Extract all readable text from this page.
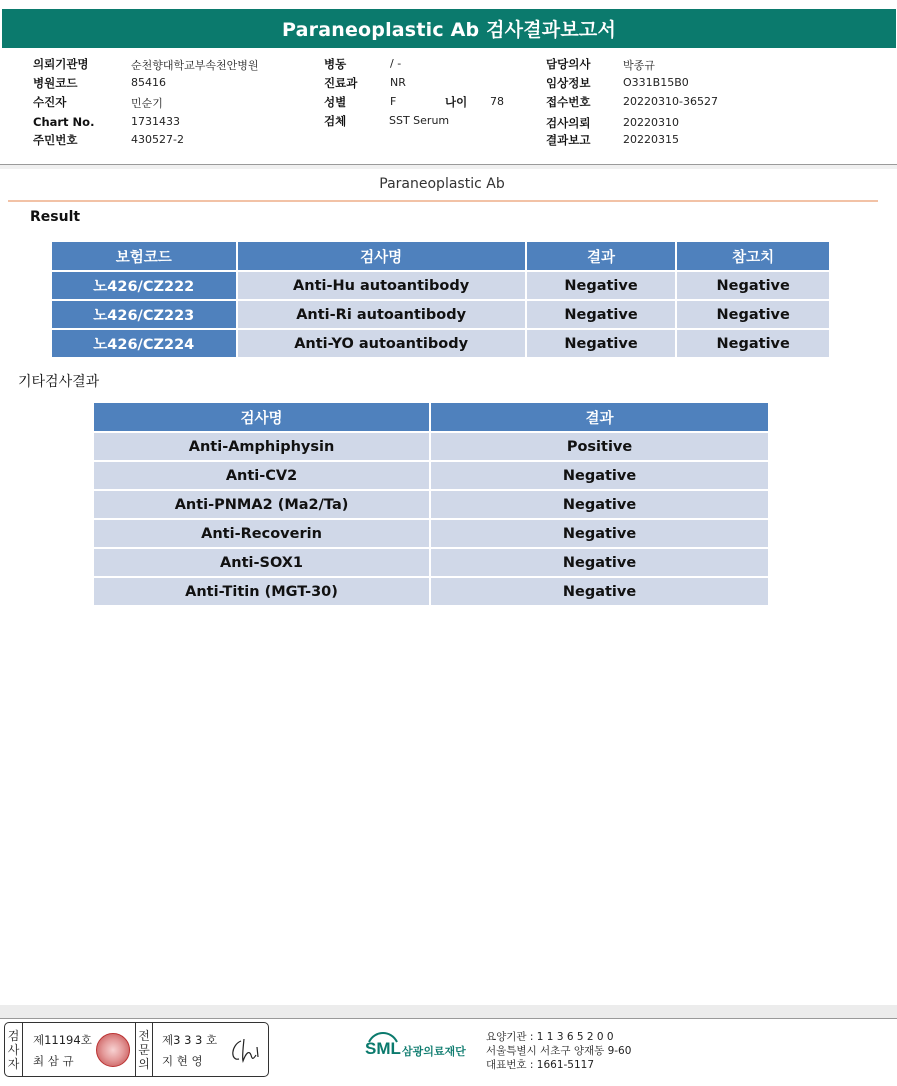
Paraneoplastic Ab 검사결과보고서
의뢰기관명	순천향대학교부속천안병원
병원코드	85416
수진자	민순기
Chart No.	1731433
주민번호	430527-2
병동	/ -
진료과	NR
성별	F	나이 78
검체	SST Serum
담당의사	박종규
임상정보	O331B15B0
접수번호	20220310-36527
검사의뢰	20220310
결과보고	20220315
Paraneoplastic Ab
Result
보험코드	검사명	결과	참고치
노426/CZ222	Anti-Hu autoantibody	Negative	Negative
노426/CZ223	Anti-Ri autoantibody	Negative	Negative
노426/CZ224	Anti-YO autoantibody	Negative	Negative
기타검사결과
검사명	결과
Anti-Amphiphysin	Positive
Anti-CV2	Negative
Anti-PNMA2 (Ma2/Ta)	Negative
Anti-Recoverin	Negative
Anti-SOX1	Negative
Anti-Titin (MGT-30)	Negative
검
사
자
제11194호
최 삼 규
전
문
의
제3 3 3 호
지 현 영
SML 삼광의료재단
요양기관 : 1 1 3 6 5 2 0 0
서울특별시 서초구 양재동 9-60
대표번호 : 1661-5117
